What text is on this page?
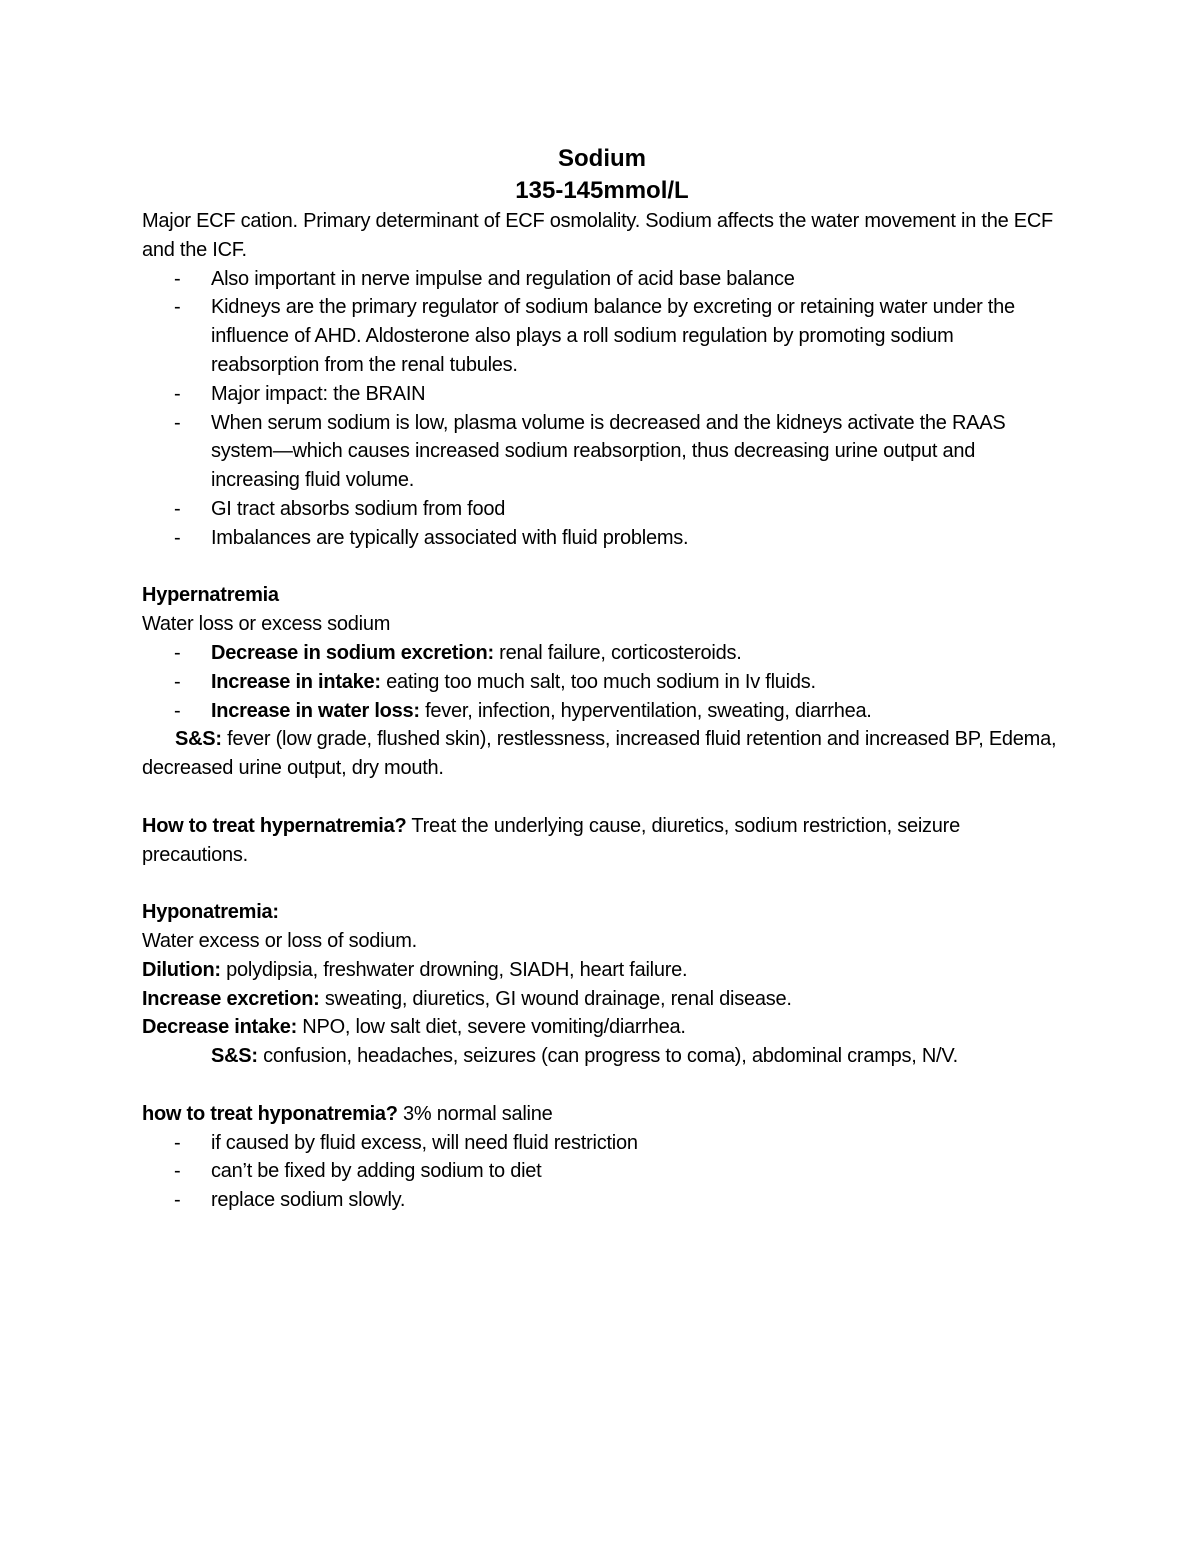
Sodium
135-145mmol/L

Major ECF cation. Primary determinant of ECF osmolality. Sodium affects the water movement in the ECF and the ICF.

- Also important in nerve impulse and regulation of acid base balance
- Kidneys are the primary regulator of sodium balance by excreting or retaining water under the influence of AHD. Aldosterone also plays a roll sodium regulation by promoting sodium reabsorption from the renal tubules.
- Major impact: the BRAIN
- When serum sodium is low, plasma volume is decreased and the kidneys activate the RAAS system—which causes increased sodium reabsorption, thus decreasing urine output and increasing fluid volume.
- GI tract absorbs sodium from food
- Imbalances are typically associated with fluid problems.

Hypernatremia

Water loss or excess sodium

- Decrease in sodium excretion: renal failure, corticosteroids.
- Increase in intake: eating too much salt, too much sodium in Iv fluids.
- Increase in water loss: fever, infection, hyperventilation, sweating, diarrhea.

S&S: fever (low grade, flushed skin), restlessness, increased fluid retention and increased BP, Edema, decreased urine output, dry mouth.

How to treat hypernatremia? Treat the underlying cause, diuretics, sodium restriction, seizure precautions.

Hyponatremia:

Water excess or loss of sodium.

Dilution: polydipsia, freshwater drowning, SIADH, heart failure.

Increase excretion: sweating, diuretics, GI wound drainage, renal disease.

Decrease intake: NPO, low salt diet, severe vomiting/diarrhea.

S&S: confusion, headaches, seizures (can progress to coma), abdominal cramps, N/V.

how to treat hyponatremia? 3% normal saline

- if caused by fluid excess, will need fluid restriction
- can’t be fixed by adding sodium to diet
- replace sodium slowly.
